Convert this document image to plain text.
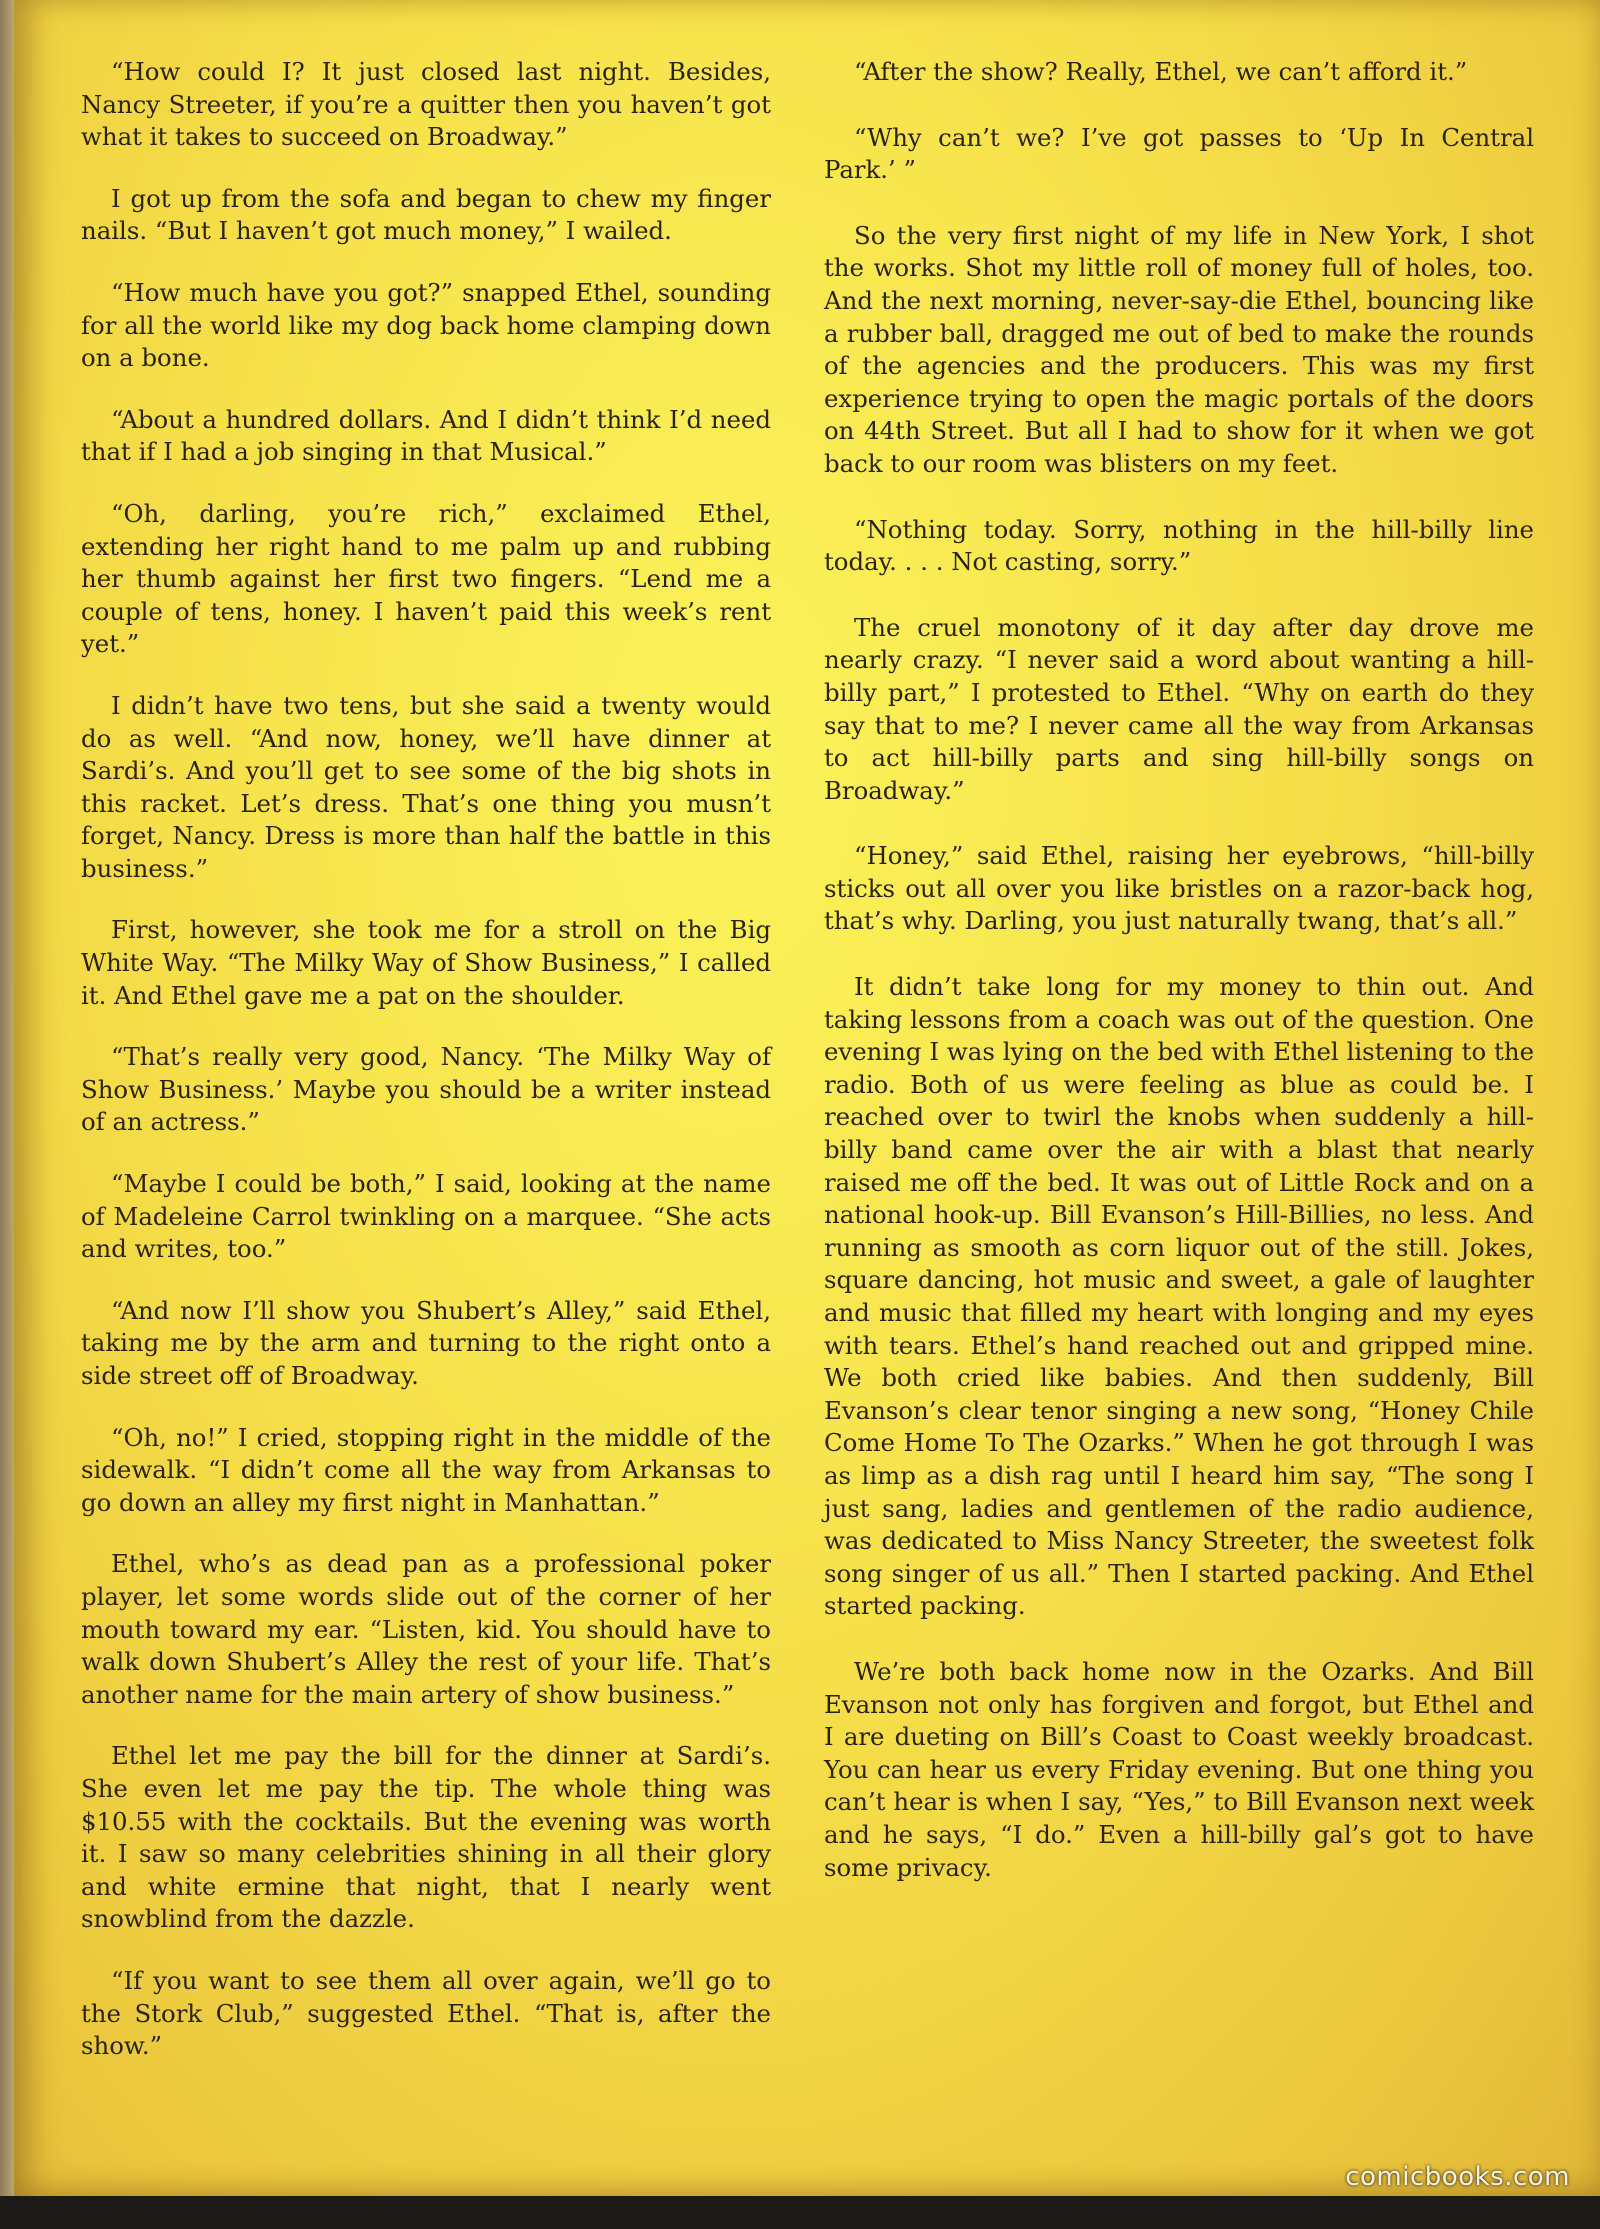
“How could I? It just closed last night. Besides, Nancy Streeter, if you’re a quitter then you haven’t got what it takes to succeed on Broadway.”

I got up from the sofa and began to chew my finger nails. “But I haven’t got much money,” I wailed.

“How much have you got?” snapped Ethel, sounding for all the world like my dog back home clamping down on a bone.

“About a hundred dollars. And I didn’t think I’d need that if I had a job singing in that Musical.”

“Oh, darling, you’re rich,” exclaimed Ethel, extending her right hand to me palm up and rubbing her thumb against her first two fingers. “Lend me a couple of tens, honey. I haven’t paid this week’s rent yet.”

I didn’t have two tens, but she said a twenty would do as well. “And now, honey, we’ll have dinner at Sardi’s. And you’ll get to see some of the big shots in this racket. Let’s dress. That’s one thing you musn’t forget, Nancy. Dress is more than half the battle in this business.”

First, however, she took me for a stroll on the Big White Way. “The Milky Way of Show Business,” I called it. And Ethel gave me a pat on the shoulder.

“That’s really very good, Nancy. ‘The Milky Way of Show Business.’ Maybe you should be a writer instead of an actress.”

“Maybe I could be both,” I said, looking at the name of Madeleine Carrol twinkling on a marquee. “She acts and writes, too.”

“And now I’ll show you Shubert’s Alley,” said Ethel, taking me by the arm and turning to the right onto a side street off of Broadway.

“Oh, no!” I cried, stopping right in the middle of the sidewalk. “I didn’t come all the way from Arkansas to go down an alley my first night in Manhattan.”

Ethel, who’s as dead pan as a professional poker player, let some words slide out of the corner of her mouth toward my ear. “Listen, kid. You should have to walk down Shubert’s Alley the rest of your life. That’s another name for the main artery of show business.”

Ethel let me pay the bill for the dinner at Sardi’s. She even let me pay the tip. The whole thing was $10.55 with the cocktails. But the evening was worth it. I saw so many celebrities shining in all their glory and white ermine that night, that I nearly went snowblind from the dazzle.

“If you want to see them all over again, we’ll go to the Stork Club,” suggested Ethel. “That is, after the show.”

“After the show? Really, Ethel, we can’t afford it.”

“Why can’t we? I’ve got passes to ‘Up In Central Park.’ ”

So the very first night of my life in New York, I shot the works. Shot my little roll of money full of holes, too. And the next morning, never-say-die Ethel, bouncing like a rubber ball, dragged me out of bed to make the rounds of the agencies and the producers. This was my first experience trying to open the magic portals of the doors on 44th Street. But all I had to show for it when we got back to our room was blisters on my feet.

“Nothing today. Sorry, nothing in the hill-billy line today. . . . Not casting, sorry.”

The cruel monotony of it day after day drove me nearly crazy. “I never said a word about wanting a hill-billy part,” I protested to Ethel. “Why on earth do they say that to me? I never came all the way from Arkansas to act hill-billy parts and sing hill-billy songs on Broadway.”

“Honey,” said Ethel, raising her eyebrows, “hill-billy sticks out all over you like bristles on a razor-back hog, that’s why. Darling, you just naturally twang, that’s all.”

It didn’t take long for my money to thin out. And taking lessons from a coach was out of the question. One evening I was lying on the bed with Ethel listening to the radio. Both of us were feeling as blue as could be. I reached over to twirl the knobs when suddenly a hill-billy band came over the air with a blast that nearly raised me off the bed. It was out of Little Rock and on a national hook-up. Bill Evanson’s Hill-Billies, no less. And running as smooth as corn liquor out of the still. Jokes, square dancing, hot music and sweet, a gale of laughter and music that filled my heart with longing and my eyes with tears. Ethel’s hand reached out and gripped mine. We both cried like babies. And then suddenly, Bill Evanson’s clear tenor singing a new song, “Honey Chile Come Home To The Ozarks.” When he got through I was as limp as a dish rag until I heard him say, “The song I just sang, ladies and gentlemen of the radio audience, was dedicated to Miss Nancy Streeter, the sweetest folk song singer of us all.” Then I started packing. And Ethel started packing.

We’re both back home now in the Ozarks. And Bill Evanson not only has forgiven and forgot, but Ethel and I are dueting on Bill’s Coast to Coast weekly broadcast. You can hear us every Friday evening. But one thing you can’t hear is when I say, “Yes,” to Bill Evanson next week and he says, “I do.” Even a hill-billy gal’s got to have some privacy.

comicbooks.com
